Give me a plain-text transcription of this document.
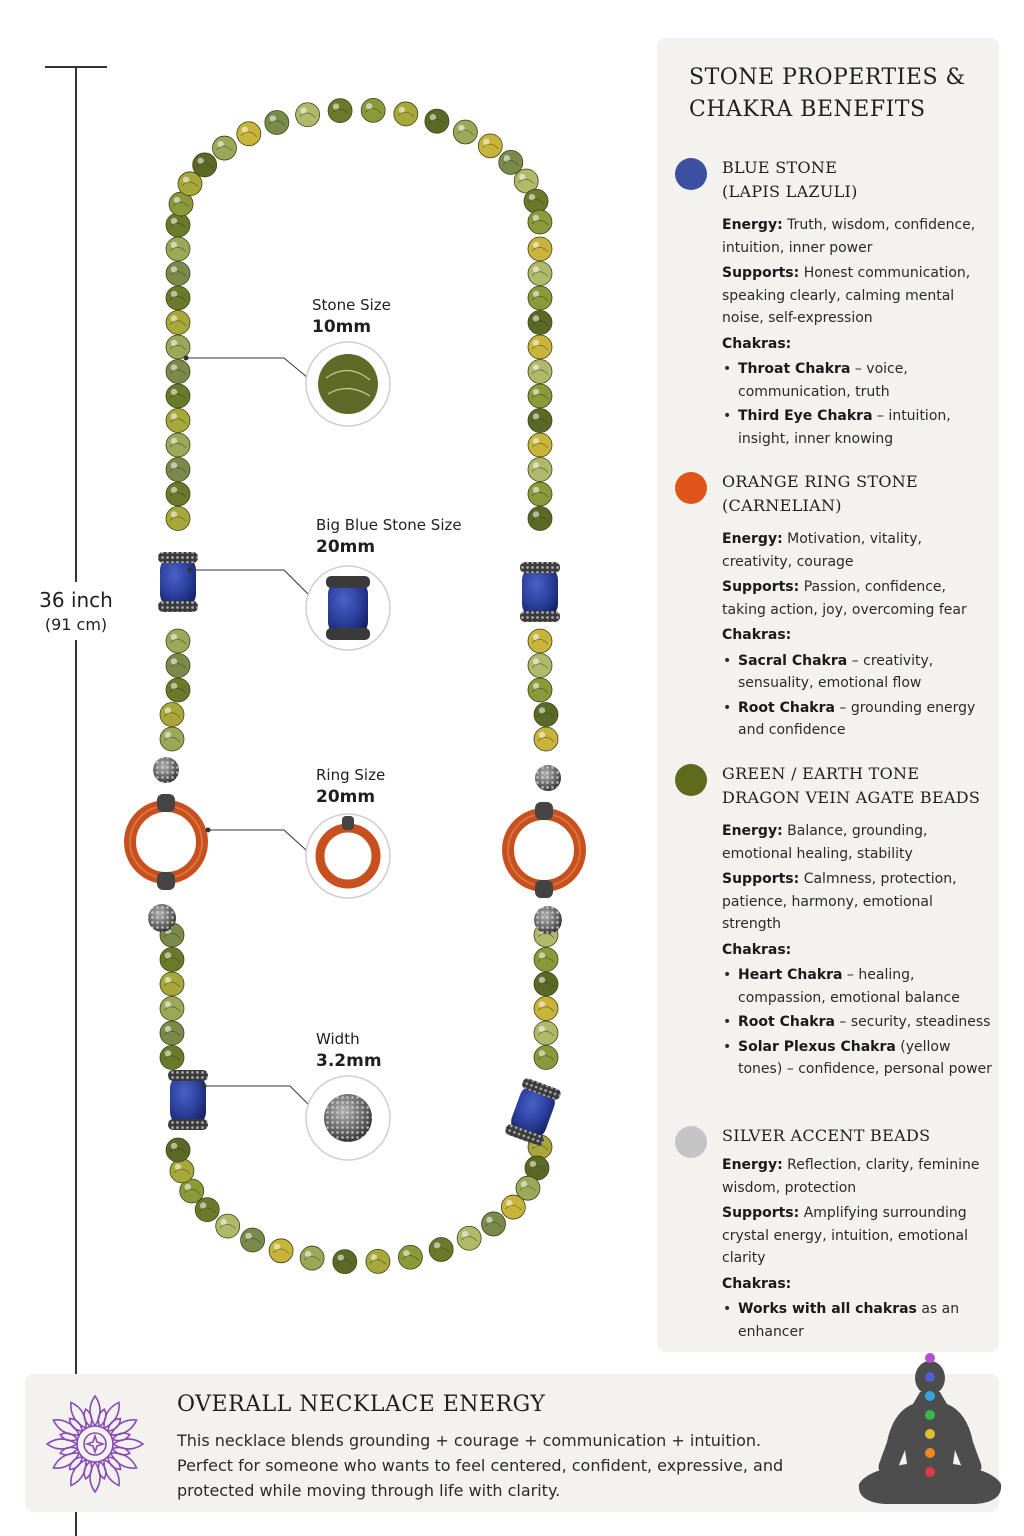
36 inch
(91 cm)
Stone Size
10mm
Big Blue Stone Size
20mm
Ring Size
20mm
Width
3.2mm
STONE PROPERTIES & CHAKRA BENEFITS
BLUE STONE (LAPIS LAZULI)

Energy: Truth, wisdom, confidence, intuition, inner power

Supports: Honest communication, speaking clearly, calming mental noise, self-expression

Chakras:

• Throat Chakra – voice, communication, truth
• Third Eye Chakra – intuition, insight, inner knowing
ORANGE RING STONE (CARNELIAN)

Energy: Motivation, vitality, creativity, courage

Supports: Passion, confidence, taking action, joy, overcoming fear

Chakras:

• Sacral Chakra – creativity, sensuality, emotional flow
• Root Chakra – grounding energy and confidence
GREEN / EARTH TONE DRAGON VEIN AGATE BEADS

Energy: Balance, grounding, emotional healing, stability

Supports: Calmness, protection, patience, harmony, emotional strength

Chakras:

• Heart Chakra – healing, compassion, emotional balance
• Root Chakra – security, steadiness
• Solar Plexus Chakra (yellow tones) – confidence, personal power
SILVER ACCENT BEADS

Energy: Reflection, clarity, feminine wisdom, protection

Supports: Amplifying surrounding crystal energy, intuition, emotional clarity

Chakras:

• Works with all chakras as an enhancer
OVERALL NECKLACE ENERGY
This necklace blends grounding + courage + communication + intuition. Perfect for someone who wants to feel centered, confident, expressive, and protected while moving through life with clarity.
